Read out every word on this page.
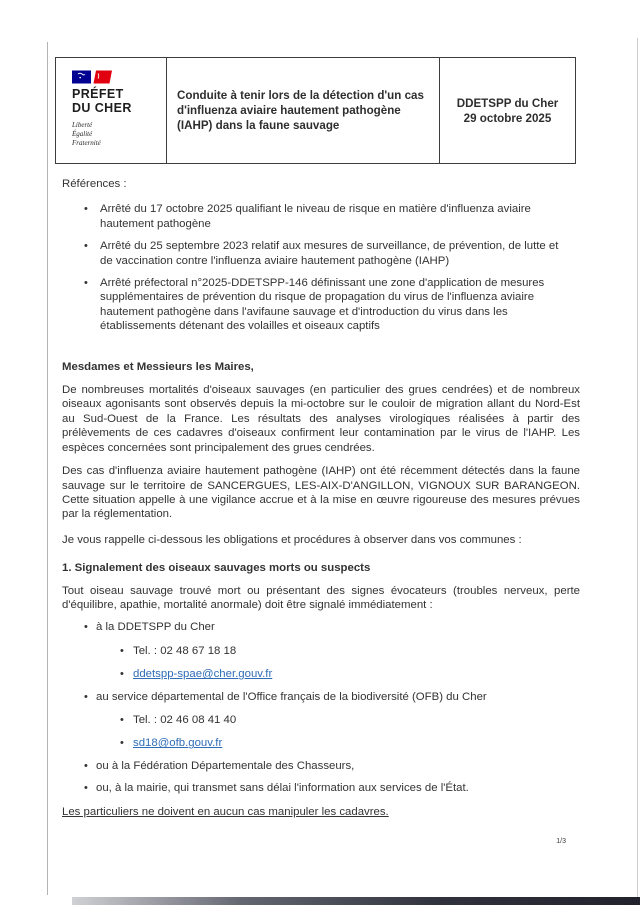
PRÉFET
DU CHER
Liberté
Égalité
Fraternité
Conduite à tenir lors de la détection d'un cas d'influenza aviaire hautement pathogène (IAHP) dans la faune sauvage
DDETSPP du Cher
29 octobre 2025

Références :

• Arrêté du 17 octobre 2025 qualifiant le niveau de risque en matière d'influenza aviaire hautement pathogène
• Arrêté du 25 septembre 2023 relatif aux mesures de surveillance, de prévention, de lutte et de vaccination contre l'influenza aviaire hautement pathogène (IAHP)
• Arrêté préfectoral n°2025-DDETSPP-146 définissant une zone d'application de mesures supplémentaires de prévention du risque de propagation du virus de l'influenza aviaire hautement pathogène dans l'avifaune sauvage et d'introduction du virus dans les établissements détenant des volailles et oiseaux captifs

Mesdames et Messieurs les Maires,

De nombreuses mortalités d'oiseaux sauvages (en particulier des grues cendrées) et de nombreux oiseaux agonisants sont observés depuis la mi-octobre sur le couloir de migration allant du Nord-Est au Sud-Ouest de la France. Les résultats des analyses virologiques réalisées à partir des prélèvements de ces cadavres d'oiseaux confirment leur contamination par le virus de l'IAHP. Les espèces concernées sont principalement des grues cendrées.

Des cas d'influenza aviaire hautement pathogène (IAHP) ont été récemment détectés dans la faune sauvage sur le territoire de SANCERGUES, LES-AIX-D'ANGILLON, VIGNOUX SUR BARANGEON. Cette situation appelle à une vigilance accrue et à la mise en œuvre rigoureuse des mesures prévues par la réglementation.

Je vous rappelle ci-dessous les obligations et procédures à observer dans vos communes :

1. Signalement des oiseaux sauvages morts ou suspects

Tout oiseau sauvage trouvé mort ou présentant des signes évocateurs (troubles nerveux, perte d'équilibre, apathie, mortalité anormale) doit être signalé immédiatement :

• à la DDETSPP du Cher
• Tel. : 02 48 67 18 18
• ddetspp-spae@cher.gouv.fr
• au service départemental de l'Office français de la biodiversité (OFB) du Cher
• Tel. : 02 46 08 41 40
• sd18@ofb.gouv.fr
• ou à la Fédération Départementale des Chasseurs,
• ou, à la mairie, qui transmet sans délai l'information aux services de l'État.

Les particuliers ne doivent en aucun cas manipuler les cadavres.

1/3
